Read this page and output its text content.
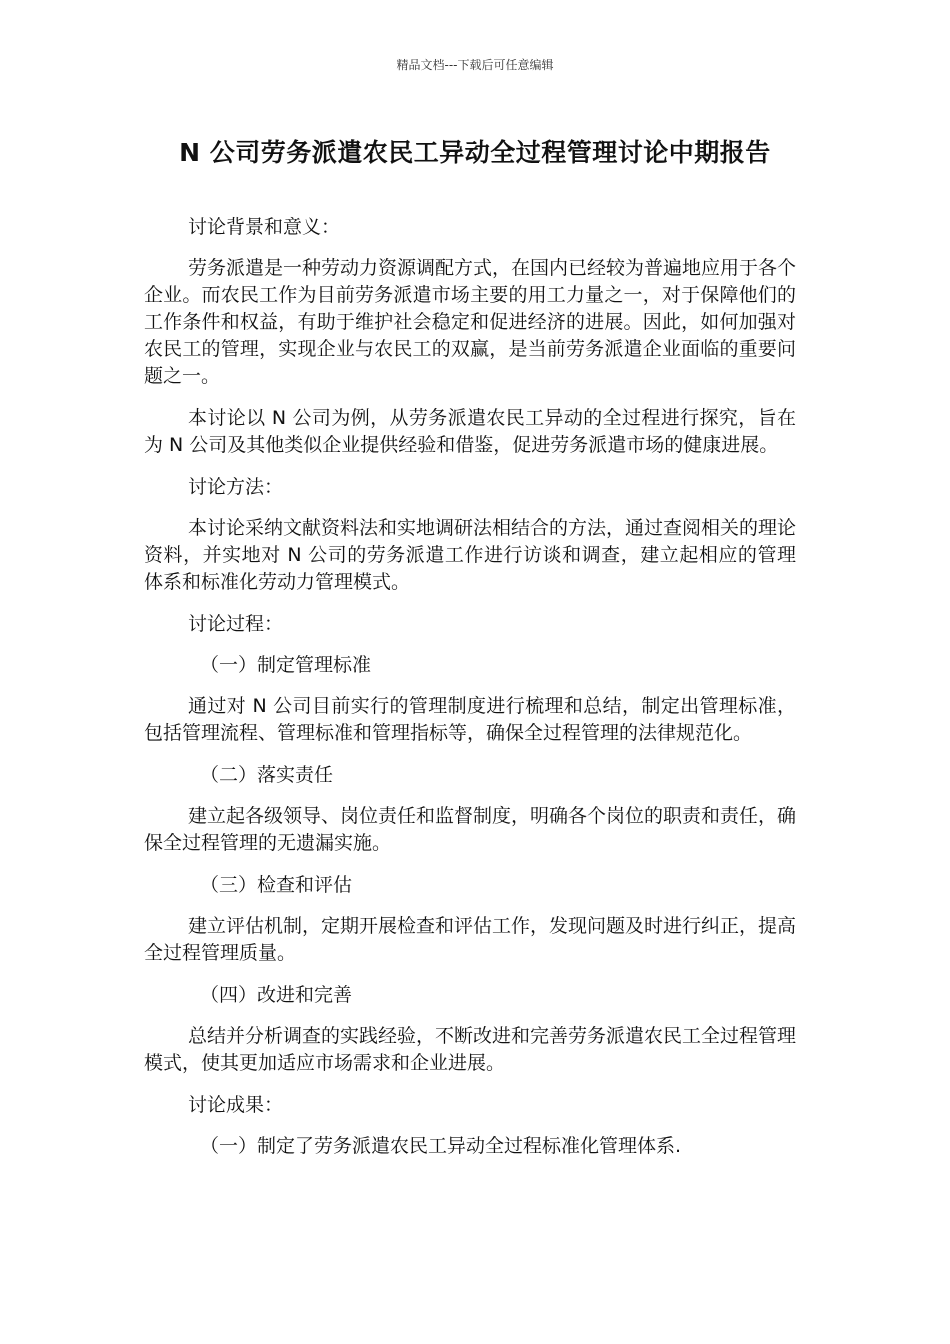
精品文档---下载后可任意编辑
N 公司劳务派遣农民工异动全过程管理讨论中期报告

讨论背景和意义：

劳务派遣是一种劳动力资源调配方式，在国内已经较为普遍地应用于各个企业。而农民工作为目前劳务派遣市场主要的用工力量之一，对于保障他们的工作条件和权益，有助于维护社会稳定和促进经济的进展。因此，如何加强对农民工的管理，实现企业与农民工的双赢，是当前劳务派遣企业面临的重要问题之一。

本讨论以 N 公司为例，从劳务派遣农民工异动的全过程进行探究，旨在为 N 公司及其他类似企业提供经验和借鉴，促进劳务派遣市场的健康进展。

讨论方法：

本讨论采纳文献资料法和实地调研法相结合的方法，通过查阅相关的理论资料，并实地对 N 公司的劳务派遣工作进行访谈和调查，建立起相应的管理体系和标准化劳动力管理模式。

讨论过程：

（一）制定管理标准

通过对 N 公司目前实行的管理制度进行梳理和总结，制定出管理标准，包括管理流程、管理标准和管理指标等，确保全过程管理的法律规范化。

（二）落实责任

建立起各级领导、岗位责任和监督制度，明确各个岗位的职责和责任，确保全过程管理的无遗漏实施。

（三）检查和评估

建立评估机制，定期开展检查和评估工作，发现问题及时进行纠正，提高全过程管理质量。

（四）改进和完善

总结并分析调查的实践经验，不断改进和完善劳务派遣农民工全过程管理模式，使其更加适应市场需求和企业进展。

讨论成果：

（一）制定了劳务派遣农民工异动全过程标准化管理体系.
